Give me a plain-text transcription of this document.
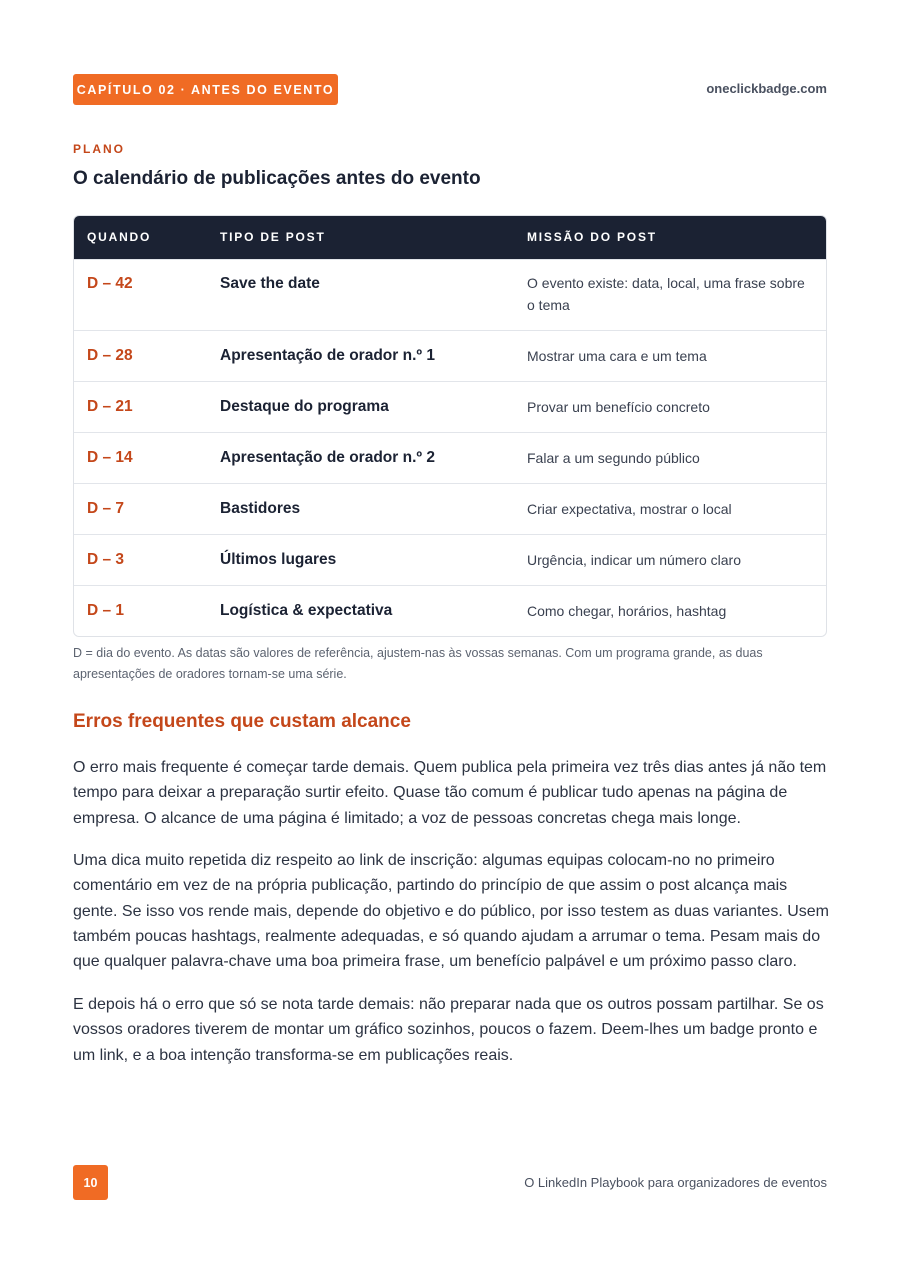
CAPÍTULO 02 · ANTES DO EVENTO	oneclickbadge.com
PLANO
O calendário de publicações antes do evento
QUANDO	TIPO DE POST	MISSÃO DO POST
D – 42	Save the date	O evento existe: data, local, uma frase sobre o tema
D – 28	Apresentação de orador n.º 1	Mostrar uma cara e um tema
D – 21	Destaque do programa	Provar um benefício concreto
D – 14	Apresentação de orador n.º 2	Falar a um segundo público
D – 7	Bastidores	Criar expectativa, mostrar o local
D – 3	Últimos lugares	Urgência, indicar um número claro
D – 1	Logística & expectativa	Como chegar, horários, hashtag

D = dia do evento. As datas são valores de referência, ajustem-nas às vossas semanas. Com um programa grande, as duas apresentações de oradores tornam-se uma série.

Erros frequentes que custam alcance

O erro mais frequente é começar tarde demais. Quem publica pela primeira vez três dias antes já não tem tempo para deixar a preparação surtir efeito. Quase tão comum é publicar tudo apenas na página de empresa. O alcance de uma página é limitado; a voz de pessoas concretas chega mais longe.

Uma dica muito repetida diz respeito ao link de inscrição: algumas equipas colocam-no no primeiro comentário em vez de na própria publicação, partindo do princípio de que assim o post alcança mais gente. Se isso vos rende mais, depende do objetivo e do público, por isso testem as duas variantes. Usem também poucas hashtags, realmente adequadas, e só quando ajudam a arrumar o tema. Pesam mais do que qualquer palavra-chave uma boa primeira frase, um benefício palpável e um próximo passo claro.

E depois há o erro que só se nota tarde demais: não preparar nada que os outros possam partilhar. Se os vossos oradores tiverem de montar um gráfico sozinhos, poucos o fazem. Deem-lhes um badge pronto e um link, e a boa intenção transforma-se em publicações reais.

10	O LinkedIn Playbook para organizadores de eventos
